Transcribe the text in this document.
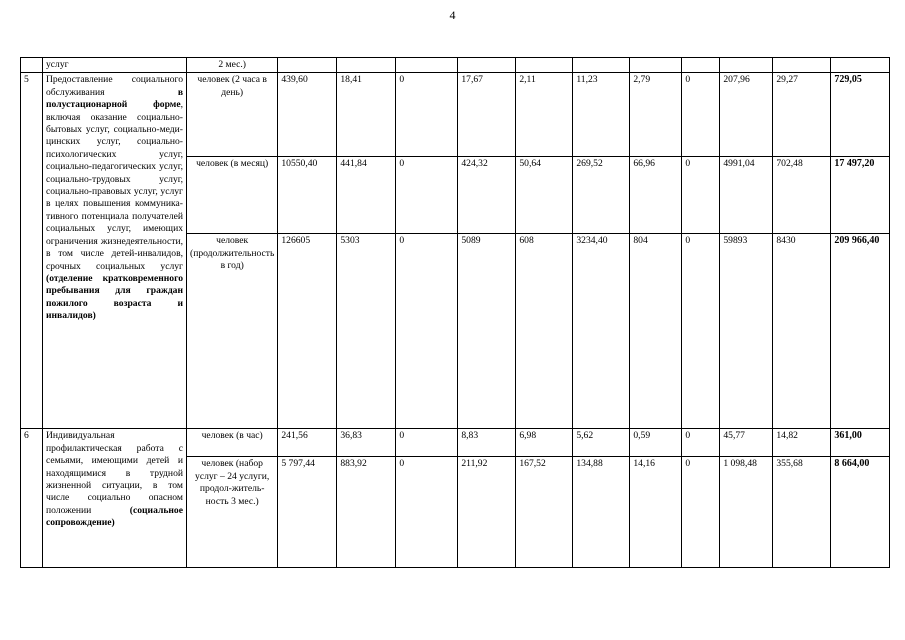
4
	услуг	2 мес.)											
5	Предоставление социального обслуживания в полустационарной форме, включая оказание социально-бытовых услуг, социально-медицинских услуг, социально-психологических услуг, социально-педагогических услуг, социально-трудовых услуг, социально-правовых услуг, услуг в целях повышения коммуникативного потенциала получателей социальных услуг, имеющих ограничения жизнедеятельности, в том числе детей-инвалидов, срочных социальных услуг (отделение кратковременного пребывания для граждан пожилого возраста и инвалидов)	человек (2 часа в день)	439,60	18,41	0	17,67	2,11	11,23	2,79	0	207,96	29,27	729,05
		человек (в месяц)	10550,40	441,84	0	424,32	50,64	269,52	66,96	0	4991,04	702,48	17 497,20
		человек (продолжительность в год)	126605	5303	0	5089	608	3234,40	804	0	59893	8430	209 966,40
6	Индивидуальная профилактическая работа с семьями, имеющими детей и находящимися в трудной жизненной ситуации, в том числе социально опасном положении (социальное сопровождение)	человек (в час)	241,56	36,83	0	8,83	6,98	5,62	0,59	0	45,77	14,82	361,00
		человек (набор услуг – 24 услуги, продол-житель-ность 3 мес.)	5 797,44	883,92	0	211,92	167,52	134,88	14,16	0	1 098,48	355,68	8 664,00
